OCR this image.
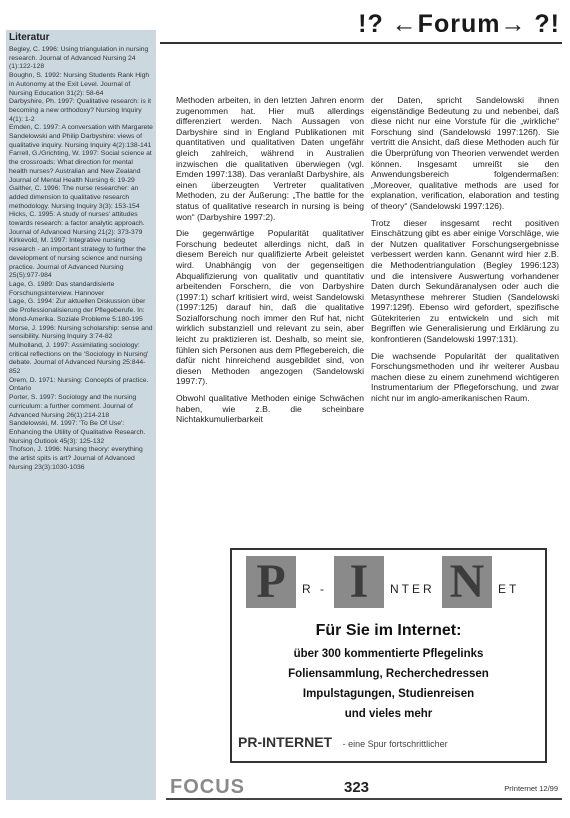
!? ←Forum→ ?!
Literatur
Begley, C. 1996: Using triangulation in nursing research. Journal of Advanced Nursing 24 (1):122-128
Boughn, S. 1992: Nursing Students Rank High in Autonomy at the Exit Level. Journal of Nursing Education 31(2): 58-64
Darbyshire, Ph. 1997: Qualitative research: is it becoming a new orthodoxy? Nursing Inquiry 4(1): 1-2
Emden, C. 1997: A conversation with Margarete Sandelowski and Philip Darbyshire: views of qualitative inquiry. Nursing Inquiry 4(2):138-141
Farrell, G./Grichting, W. 1997: Social science at the crossroads: What direction for mental health nurses? Australian and New Zealand Journal of Mental Health Nursing 6: 19-29
Gaither, C. 1996: The nurse researcher: an added dimension to qualitative research methodology. Nursing Inquiry 3(3): 153-154
Hicks, C. 1995: A study of nurses' attitudes towards research: a factor analytic approach. Journal of Advanced Nursing 21(2): 373-379
Kirkevold, M. 1997: Integrative nursing research - an important strategy to further the development of nursing science and nursing practice. Journal of Advanced Nursing 25(5):977-984
Lage, G. 1989: Das standardisierte Forschungsinterview. Hannover
Lage, G. 1994: Zur aktuellen Diskussion über die Professionalisierung der Pflegeberufe. In: Mond-Amerika. Soziale Probleme 5:180-195
Morse, J. 1996: Nursing scholarship: sense and sensibility. Nursing Inquiry 3:74-82
Mulholland, J. 1997: Assimilating sociology: critical reflections on the 'Sociology in Nursing' debate. Journal of Advanced Nursing 25:844-852
Orem, D. 1971: Nursing: Concepts of practice. Ontario
Porter, S. 1997: Sociology and the nursing curriculum: a further comment. Journal of Advanced Nursing 26(1):214-218
Sandelowski, M. 1997: 'To Be Of Use': Enhancing the Utility of Qualitative Research. Nursing Outlook 45(3): 125-132
Thofson, J. 1996: Nursing theory: everything the artist spits is art? Journal of Advanced Nursing 23(3):1030-1036

Methoden arbeiten, in den letzten Jahren enorm zugenommen hat. Hier muß allerdings differenziert werden. Nach Aussagen von Darbyshire sind in England Publikationen mit quantitativen und qualitativen Daten ungefähr gleich zahlreich, während in Australien inzwischen die qualitativen überwiegen (vgl. Emden 1997:138). Das veranlaßt Darbyshire, als einen überzeugten Vertreter qualitativen Methoden, zu der Äußerung: „The battle for the status of qualitative research in nursing is being won“ (Darbyshire 1997:2).

Die gegenwärtige Popularität qualitativer Forschung bedeutet allerdings nicht, daß in diesem Bereich nur qualifizierte Arbeit geleistet wird. Unabhängig von der gegenseitigen Abqualifizierung von qualitativ und quantitativ arbeitenden Forschern, die von Darbyshire (1997:1) scharf kritisiert wird, weist Sandelowski (1997:125) darauf hin, daß die qualitative Sozialforschung noch immer den Ruf hat, nicht wirklich substanziell und relevant zu sein, aber leicht zu praktizieren ist. Deshalb, so meint sie, fühlen sich Personen aus dem Pflegebereich, die dafür nicht hinreichend ausgebildet sind, von diesen Methoden angezogen (Sandelowski 1997:7).

Obwohl qualitative Methoden einige Schwächen haben, wie z.B. die scheinbare Nichtakkumulierbarkeit

der Daten, spricht Sandelowski ihnen eigenständige Bedeutung zu und nebenbei, daß diese nicht nur eine Vorstufe für die „wirkliche“ Forschung sind (Sandelowski 1997:126f). Sie vertritt die Ansicht, daß diese Methoden auch für die Überprüfung von Theorien verwendet werden können. Insgesamt umreißt sie den Anwendungsbereich folgendermaßen: „Moreover, qualitative methods are used for explanation, verification, elaboration and testing of theory“ (Sandelowski 1997:126).

Trotz dieser insgesamt recht positiven Einschätzung gibt es aber einige Vorschläge, wie der Nutzen qualitativer Forschungsergebnisse verbessert werden kann. Genannt wird hier z.B. die Methodentriangulation (Begley 1996:123) und die intensivere Auswertung vorhandener Daten durch Sekundäranalysen oder auch die Metasynthese mehrerer Studien (Sandelowski 1997:129f). Ebenso wird gefordert, spezifische Gütekriterien zu entwickeln und sich mit Begriffen wie Generalisierung und Erklärung zu konfrontieren (Sandelowski 1997:131).

Die wachsende Popularität der qualitativen Forschungsmethoden und ihr weiterer Ausbau machen diese zu einem zunehmend wichtigeren Instrumentarium der Pflegeforschung, und zwar nicht nur im anglo-amerikanischen Raum.

P	R - I	NTER N	ET
Für Sie im Internet:
über 300 kommentierte Pflegelinks
Foliensammlung, Recherchedressen
Impulstagungen, Studienreisen
und vieles mehr
PR-INTERNET - eine Spur fortschrittlicher
FOCUS	323	PrInternet 12/99
